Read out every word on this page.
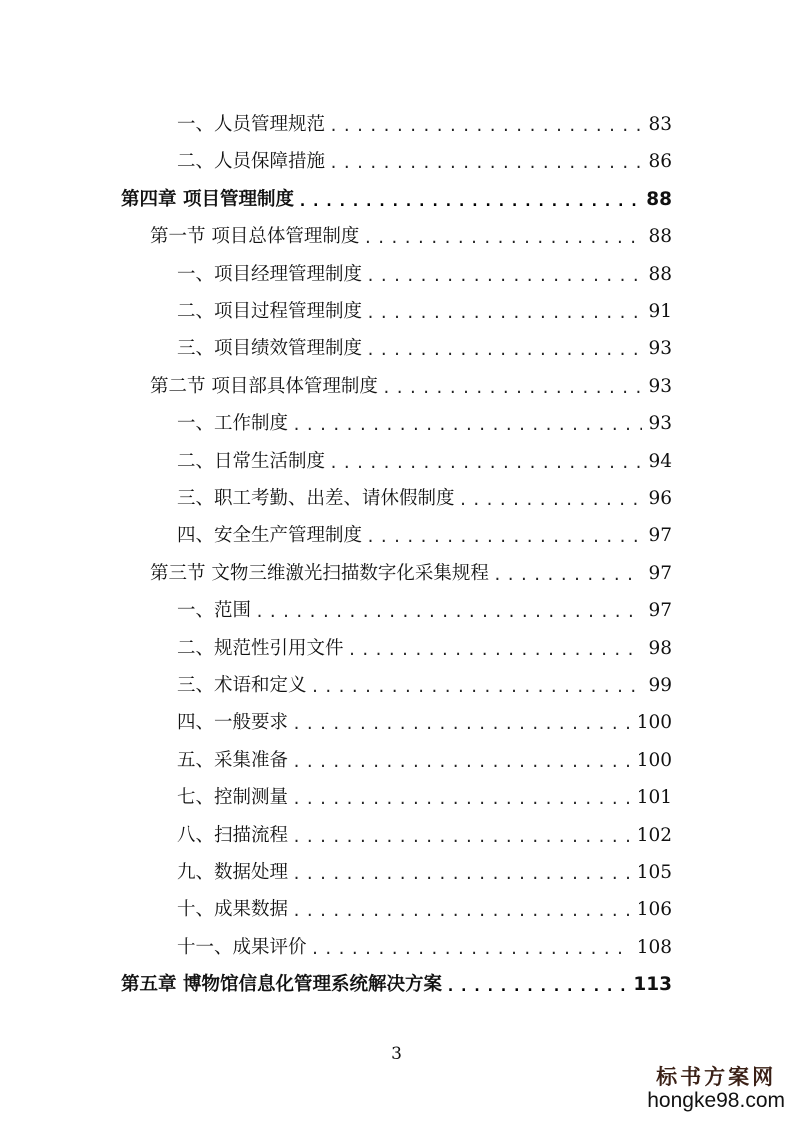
一、人员管理规范 . . .	83
二、人员保障措施 . . .	86
第四章 项目管理制度 . . .	88
第一节 项目总体管理制度 . . .	88
一、项目经理管理制度 . . .	88
二、项目过程管理制度 . . .	91
三、项目绩效管理制度 . . .	93
第二节 项目部具体管理制度 . . .	93
一、工作制度 . . .	93
二、日常生活制度 . . .	94
三、职工考勤、出差、请休假制度 . . .	96
四、安全生产管理制度 . . .	97
第三节 文物三维激光扫描数字化采集规程 . . .	97
一、范围 . . .	97
二、规范性引用文件 . . .	98
三、术语和定义 . . .	99
四、一般要求 . . .	100
五、采集准备 . . .	100
七、控制测量 . . .	101
八、扫描流程 . . .	102
九、数据处理 . . .	105
十、成果数据 . . .	106
十一、成果评价 . . .	108
第五章 博物馆信息化管理系统解决方案 . . .	113
3
标书方案网
hongke98.com
